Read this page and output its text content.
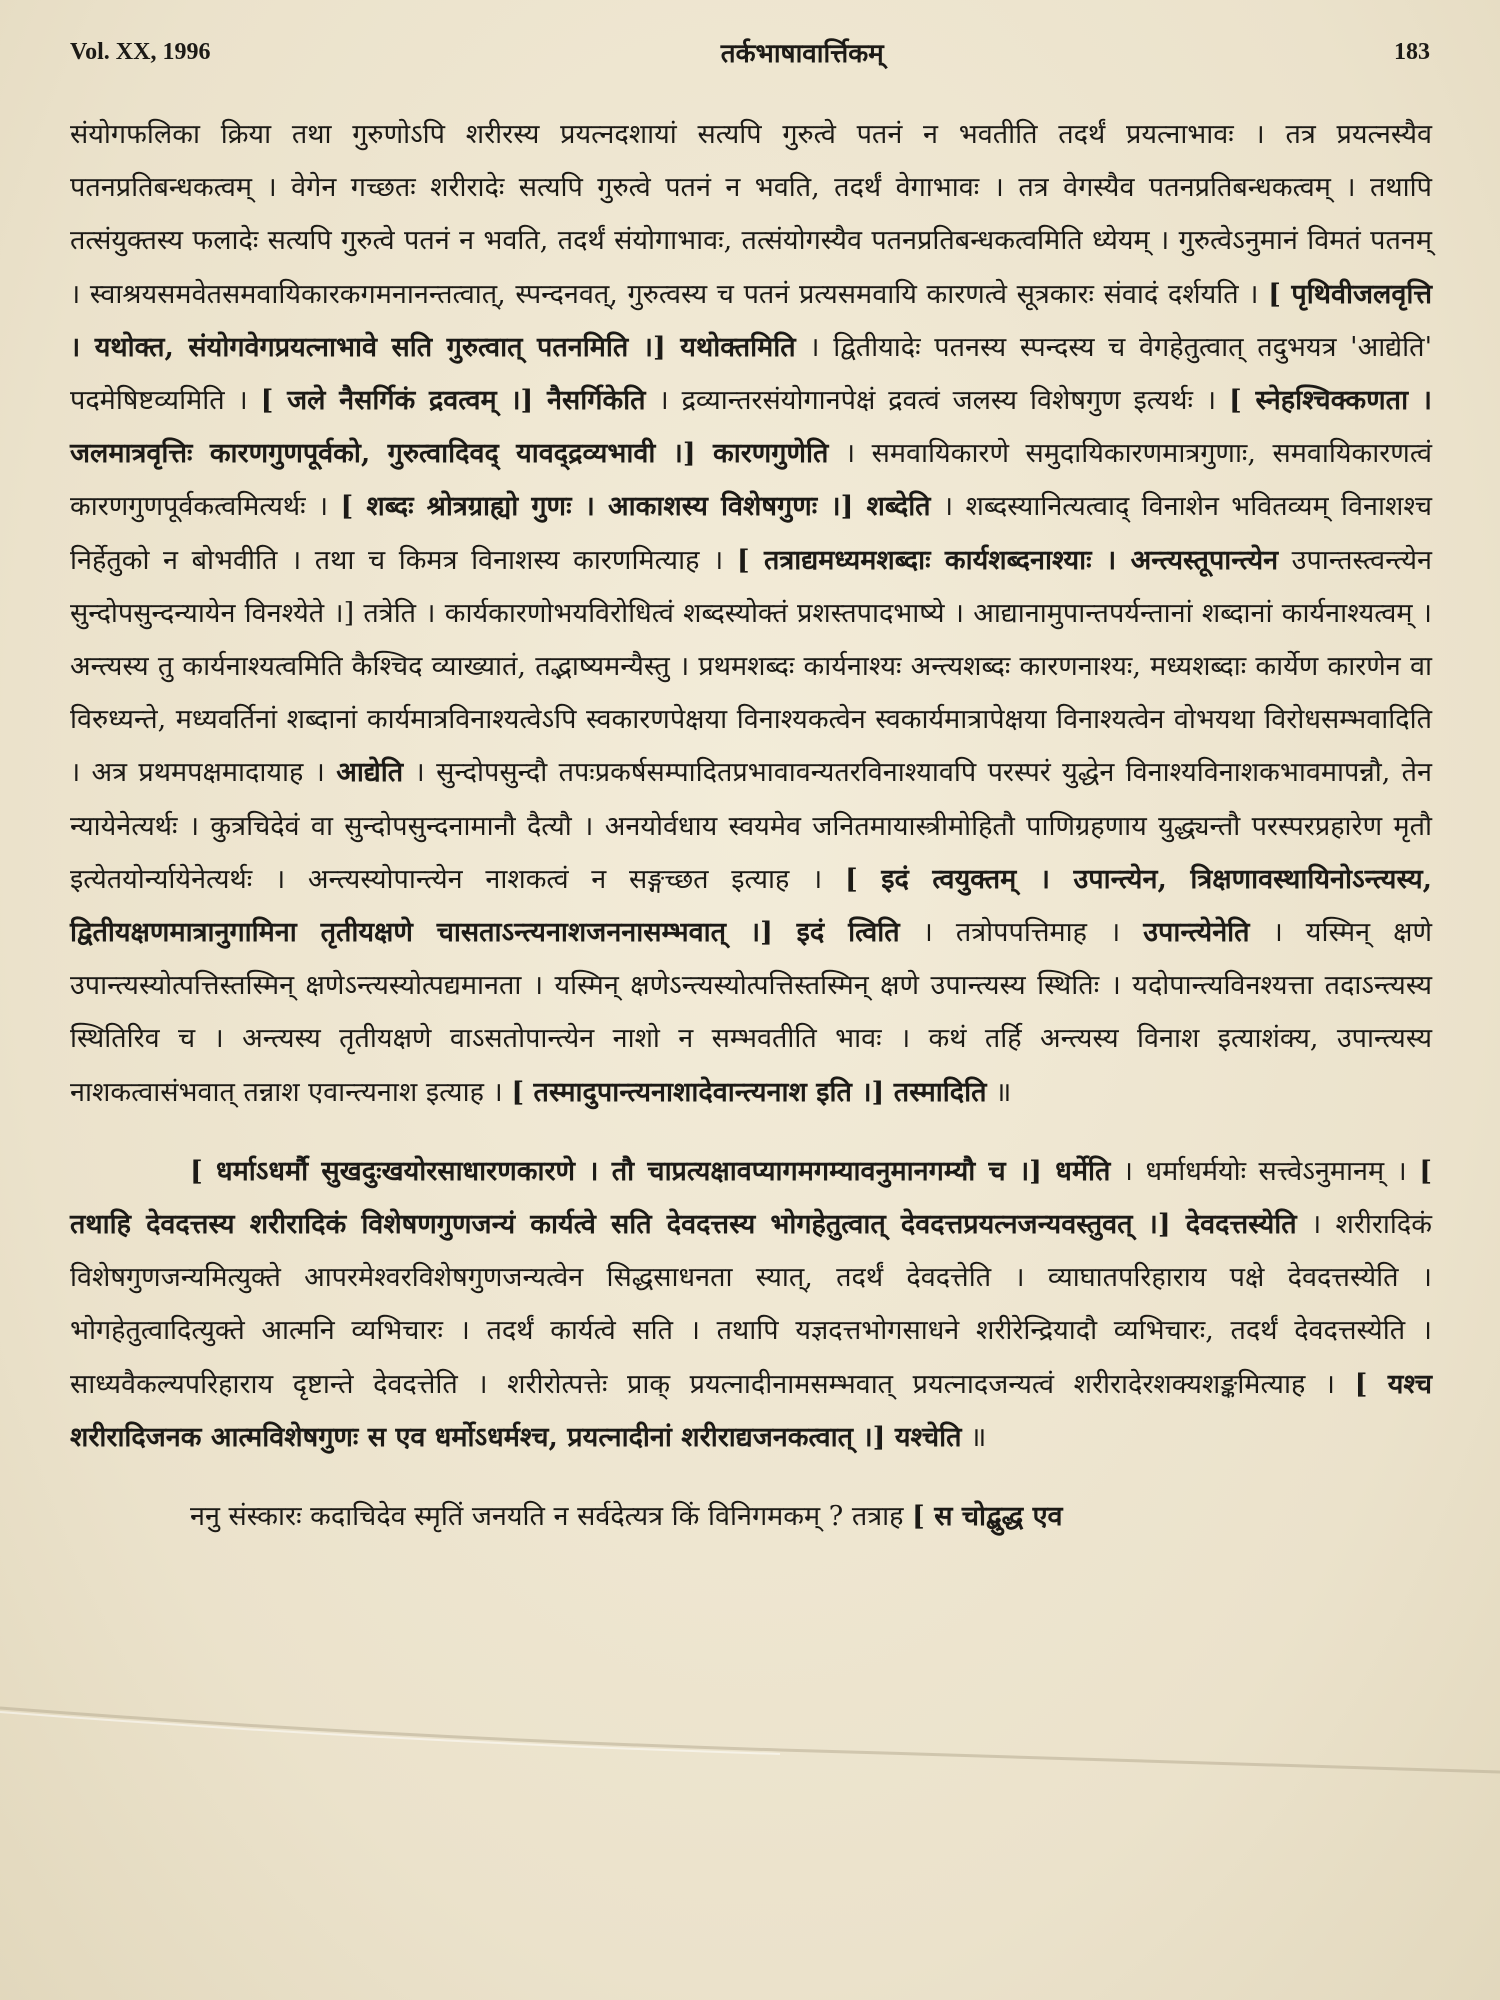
Vol. XX, 1996	तर्कभाषावार्त्तिकम्	183

संयोगफलिका क्रिया तथा गुरुणोऽपि शरीरस्य प्रयत्नदशायां सत्यपि गुरुत्वे पतनं न भवतीति तदर्थं प्रयत्नाभावः । तत्र प्रयत्नस्यैव पतनप्रतिबन्धकत्वम् । वेगेन गच्छतः शरीरादेः सत्यपि गुरुत्वे पतनं न भवति, तदर्थं वेगाभावः । तत्र वेगस्यैव पतनप्रतिबन्धकत्वम् । तथापि तत्संयुक्तस्य फलादेः सत्यपि गुरुत्वे पतनं न भवति, तदर्थं संयोगाभावः, तत्संयोगस्यैव पतनप्रतिबन्धकत्वमिति ध्येयम् । गुरुत्वेऽनुमानं विमतं पतनम् । स्वाश्रयसमवेतसमवायिकारकगमनानन्तत्वात्, स्पन्दनवत्, गुरुत्वस्य च पतनं प्रत्यसमवायि कारणत्वे सूत्रकारः संवादं दर्शयति । [ पृथिवीजलवृत्ति । यथोक्त, संयोगवेगप्रयत्नाभावे सति गुरुत्वात् पतनमिति ।] यथोक्तमिति । द्वितीयादेः पतनस्य स्पन्दस्य च वेगहेतुत्वात् तदुभयत्र 'आद्येति' पदमेषिष्टव्यमिति । [ जले नैसर्गिकं द्रवत्वम् ।] नैसर्गिकेति । द्रव्यान्तरसंयोगानपेक्षं द्रवत्वं जलस्य विशेषगुण इत्यर्थः । [ स्नेहश्चिक्कणता । जलमात्रवृत्तिः कारणगुणपूर्वको, गुरुत्वादिवद् यावद्द्रव्यभावी ।] कारणगुणेति । समवायिकारणे समुदायिकारणमात्रगुणाः, समवायिकारणत्वं कारणगुणपूर्वकत्वमित्यर्थः । [ शब्दः श्रोत्रग्राह्यो गुणः । आकाशस्य विशेषगुणः ।] शब्देति । शब्दस्यानित्यत्वाद् विनाशेन भवितव्यम् विनाशश्च निर्हेतुको न बोभवीति । तथा च किमत्र विनाशस्य कारणमित्याह । [ तत्राद्यमध्यमशब्दाः कार्यशब्दनाश्याः । अन्त्यस्तूपान्त्येन उपान्तस्त्वन्त्येन सुन्दोपसुन्दन्यायेन विनश्येते ।] तत्रेति । कार्यकारणोभयविरोधित्वं शब्दस्योक्तं प्रशस्तपादभाष्ये । आद्यानामुपान्तपर्यन्तानां शब्दानां कार्यनाश्यत्वम् । अन्त्यस्य तु कार्यनाश्यत्वमिति कैश्चिद व्याख्यातं, तद्भाष्यमन्यैस्तु । प्रथमशब्दः कार्यनाश्यः अन्त्यशब्दः कारणनाश्यः, मध्यशब्दाः कार्येण कारणेन वा विरुध्यन्ते, मध्यवर्तिनां शब्दानां कार्यमात्रविनाश्यत्वेऽपि स्वकारणपेक्षया विनाश्यकत्वेन स्वकार्यमात्रापेक्षया विनाश्यत्वेन वोभयथा विरोधसम्भवादिति । अत्र प्रथमपक्षमादायाह । आद्येति । सुन्दोपसुन्दौ तपःप्रकर्षसम्पादितप्रभावावन्यतरविनाश्यावपि परस्परं युद्धेन विनाश्यविनाशकभावमापन्नौ, तेन न्यायेनेत्यर्थः । कुत्रचिदेवं वा सुन्दोपसुन्दनामानौ दैत्यौ । अनयोर्वधाय स्वयमेव जनितमायास्त्रीमोहितौ पाणिग्रहणाय युद्ध्यन्तौ परस्परप्रहारेण मृतौ इत्येतयोर्न्यायेनेत्यर्थः । अन्त्यस्योपान्त्येन नाशकत्वं न सङ्गच्छत इत्याह । [ इदं त्वयुक्तम् । उपान्त्येन, त्रिक्षणावस्थायिनोऽन्त्यस्य, द्वितीयक्षणमात्रानुगामिना तृतीयक्षणे चासताऽन्त्यनाशजननासम्भवात् ।] इदं त्विति । तत्रोपपत्तिमाह । उपान्त्येनेति । यस्मिन् क्षणे उपान्त्यस्योत्पत्तिस्तस्मिन् क्षणेऽन्त्यस्योत्पद्यमानता । यस्मिन् क्षणेऽन्त्यस्योत्पत्तिस्तस्मिन् क्षणे उपान्त्यस्य स्थितिः । यदोपान्त्यविनश्यत्ता तदाऽन्त्यस्य स्थितिरिव च । अन्त्यस्य तृतीयक्षणे वाऽसतोपान्त्येन नाशो न सम्भवतीति भावः । कथं तर्हि अन्त्यस्य विनाश इत्याशंक्य, उपान्त्यस्य नाशकत्वासंभवात् तन्नाश एवान्त्यनाश इत्याह । [ तस्मादुपान्त्यनाशादेवान्त्यनाश इति ।] तस्मादिति ॥

[ धर्माऽधर्मौ सुखदुःखयोरसाधारणकारणे । तौ चाप्रत्यक्षावप्यागमगम्यावनुमानगम्यौ च ।] धर्मेति । धर्माधर्मयोः सत्त्वेऽनुमानम् । [ तथाहि देवदत्तस्य शरीरादिकं विशेषणगुणजन्यं कार्यत्वे सति देवदत्तस्य भोगहेतुत्वात् देवदत्तप्रयत्नजन्यवस्तुवत् ।] देवदत्तस्येति । शरीरादिकं विशेषगुणजन्यमित्युक्ते आपरमेश्वरविशेषगुणजन्यत्वेन सिद्धसाधनता स्यात्, तदर्थं देवदत्तेति । व्याघातपरिहाराय पक्षे देवदत्तस्येति । भोगहेतुत्वादित्युक्ते आत्मनि व्यभिचारः । तदर्थं कार्यत्वे सति । तथापि यज्ञदत्तभोगसाधने शरीरेन्द्रियादौ व्यभिचारः, तदर्थं देवदत्तस्येति । साध्यवैकल्यपरिहाराय दृष्टान्ते देवदत्तेति । शरीरोत्पत्तेः प्राक् प्रयत्नादीनामसम्भवात् प्रयत्नादजन्यत्वं शरीरादेरशक्यशङ्कमित्याह । [ यश्च शरीरादिजनक आत्मविशेषगुणः स एव धर्मोऽधर्मश्च, प्रयत्नादीनां शरीराद्यजनकत्वात् ।] यश्चेति ॥

ननु संस्कारः कदाचिदेव स्मृतिं जनयति न सर्वदेत्यत्र किं विनिगमकम् ? तत्राह [ स चोद्बुद्ध एव
